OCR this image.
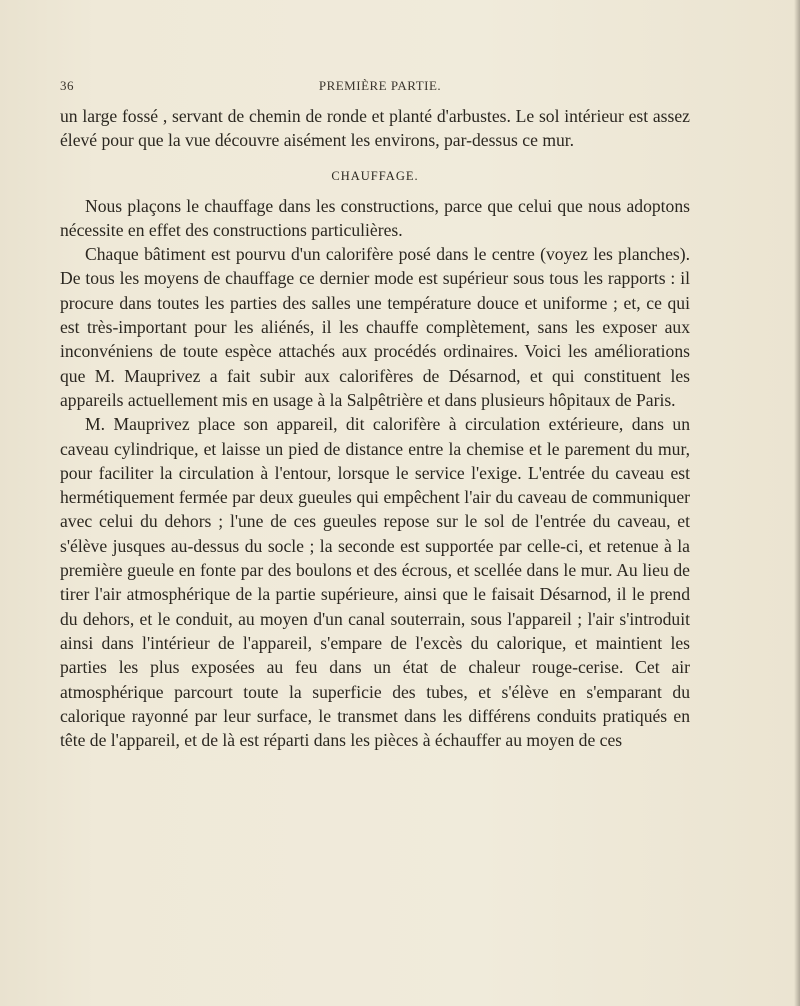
36	PREMIÈRE PARTIE.

un large fossé , servant de chemin de ronde et planté d'arbustes. Le sol intérieur est assez élevé pour que la vue découvre aisément les environs, par-dessus ce mur.

CHAUFFAGE.

Nous plaçons le chauffage dans les constructions, parce que celui que nous adoptons nécessite en effet des constructions particulières.

Chaque bâtiment est pourvu d'un calorifère posé dans le centre (voyez les planches). De tous les moyens de chauffage ce dernier mode est supérieur sous tous les rapports : il procure dans toutes les parties des salles une température douce et uniforme ; et, ce qui est très-important pour les aliénés, il les chauffe complètement, sans les exposer aux inconvéniens de toute espèce attachés aux procédés ordinaires. Voici les améliorations que M. Mauprivez a fait subir aux calorifères de Désarnod, et qui constituent les appareils actuellement mis en usage à la Salpêtrière et dans plusieurs hôpitaux de Paris.

M. Mauprivez place son appareil, dit calorifère à circulation extérieure, dans un caveau cylindrique, et laisse un pied de distance entre la chemise et le parement du mur, pour faciliter la circulation à l'entour, lorsque le service l'exige. L'entrée du caveau est hermétiquement fermée par deux gueules qui empêchent l'air du caveau de communiquer avec celui du dehors ; l'une de ces gueules repose sur le sol de l'entrée du caveau, et s'élève jusques au-dessus du socle ; la seconde est supportée par celle-ci, et retenue à la première gueule en fonte par des boulons et des écrous, et scellée dans le mur. Au lieu de tirer l'air atmosphérique de la partie supérieure, ainsi que le faisait Désarnod, il le prend du dehors, et le conduit, au moyen d'un canal souterrain, sous l'appareil ; l'air s'introduit ainsi dans l'intérieur de l'appareil, s'empare de l'excès du calorique, et maintient les parties les plus exposées au feu dans un état de chaleur rouge-cerise. Cet air atmosphérique parcourt toute la superficie des tubes, et s'élève en s'emparant du calorique rayonné par leur surface, le transmet dans les différens conduits pratiqués en tête de l'appareil, et de là est réparti dans les pièces à échauffer au moyen de ces
